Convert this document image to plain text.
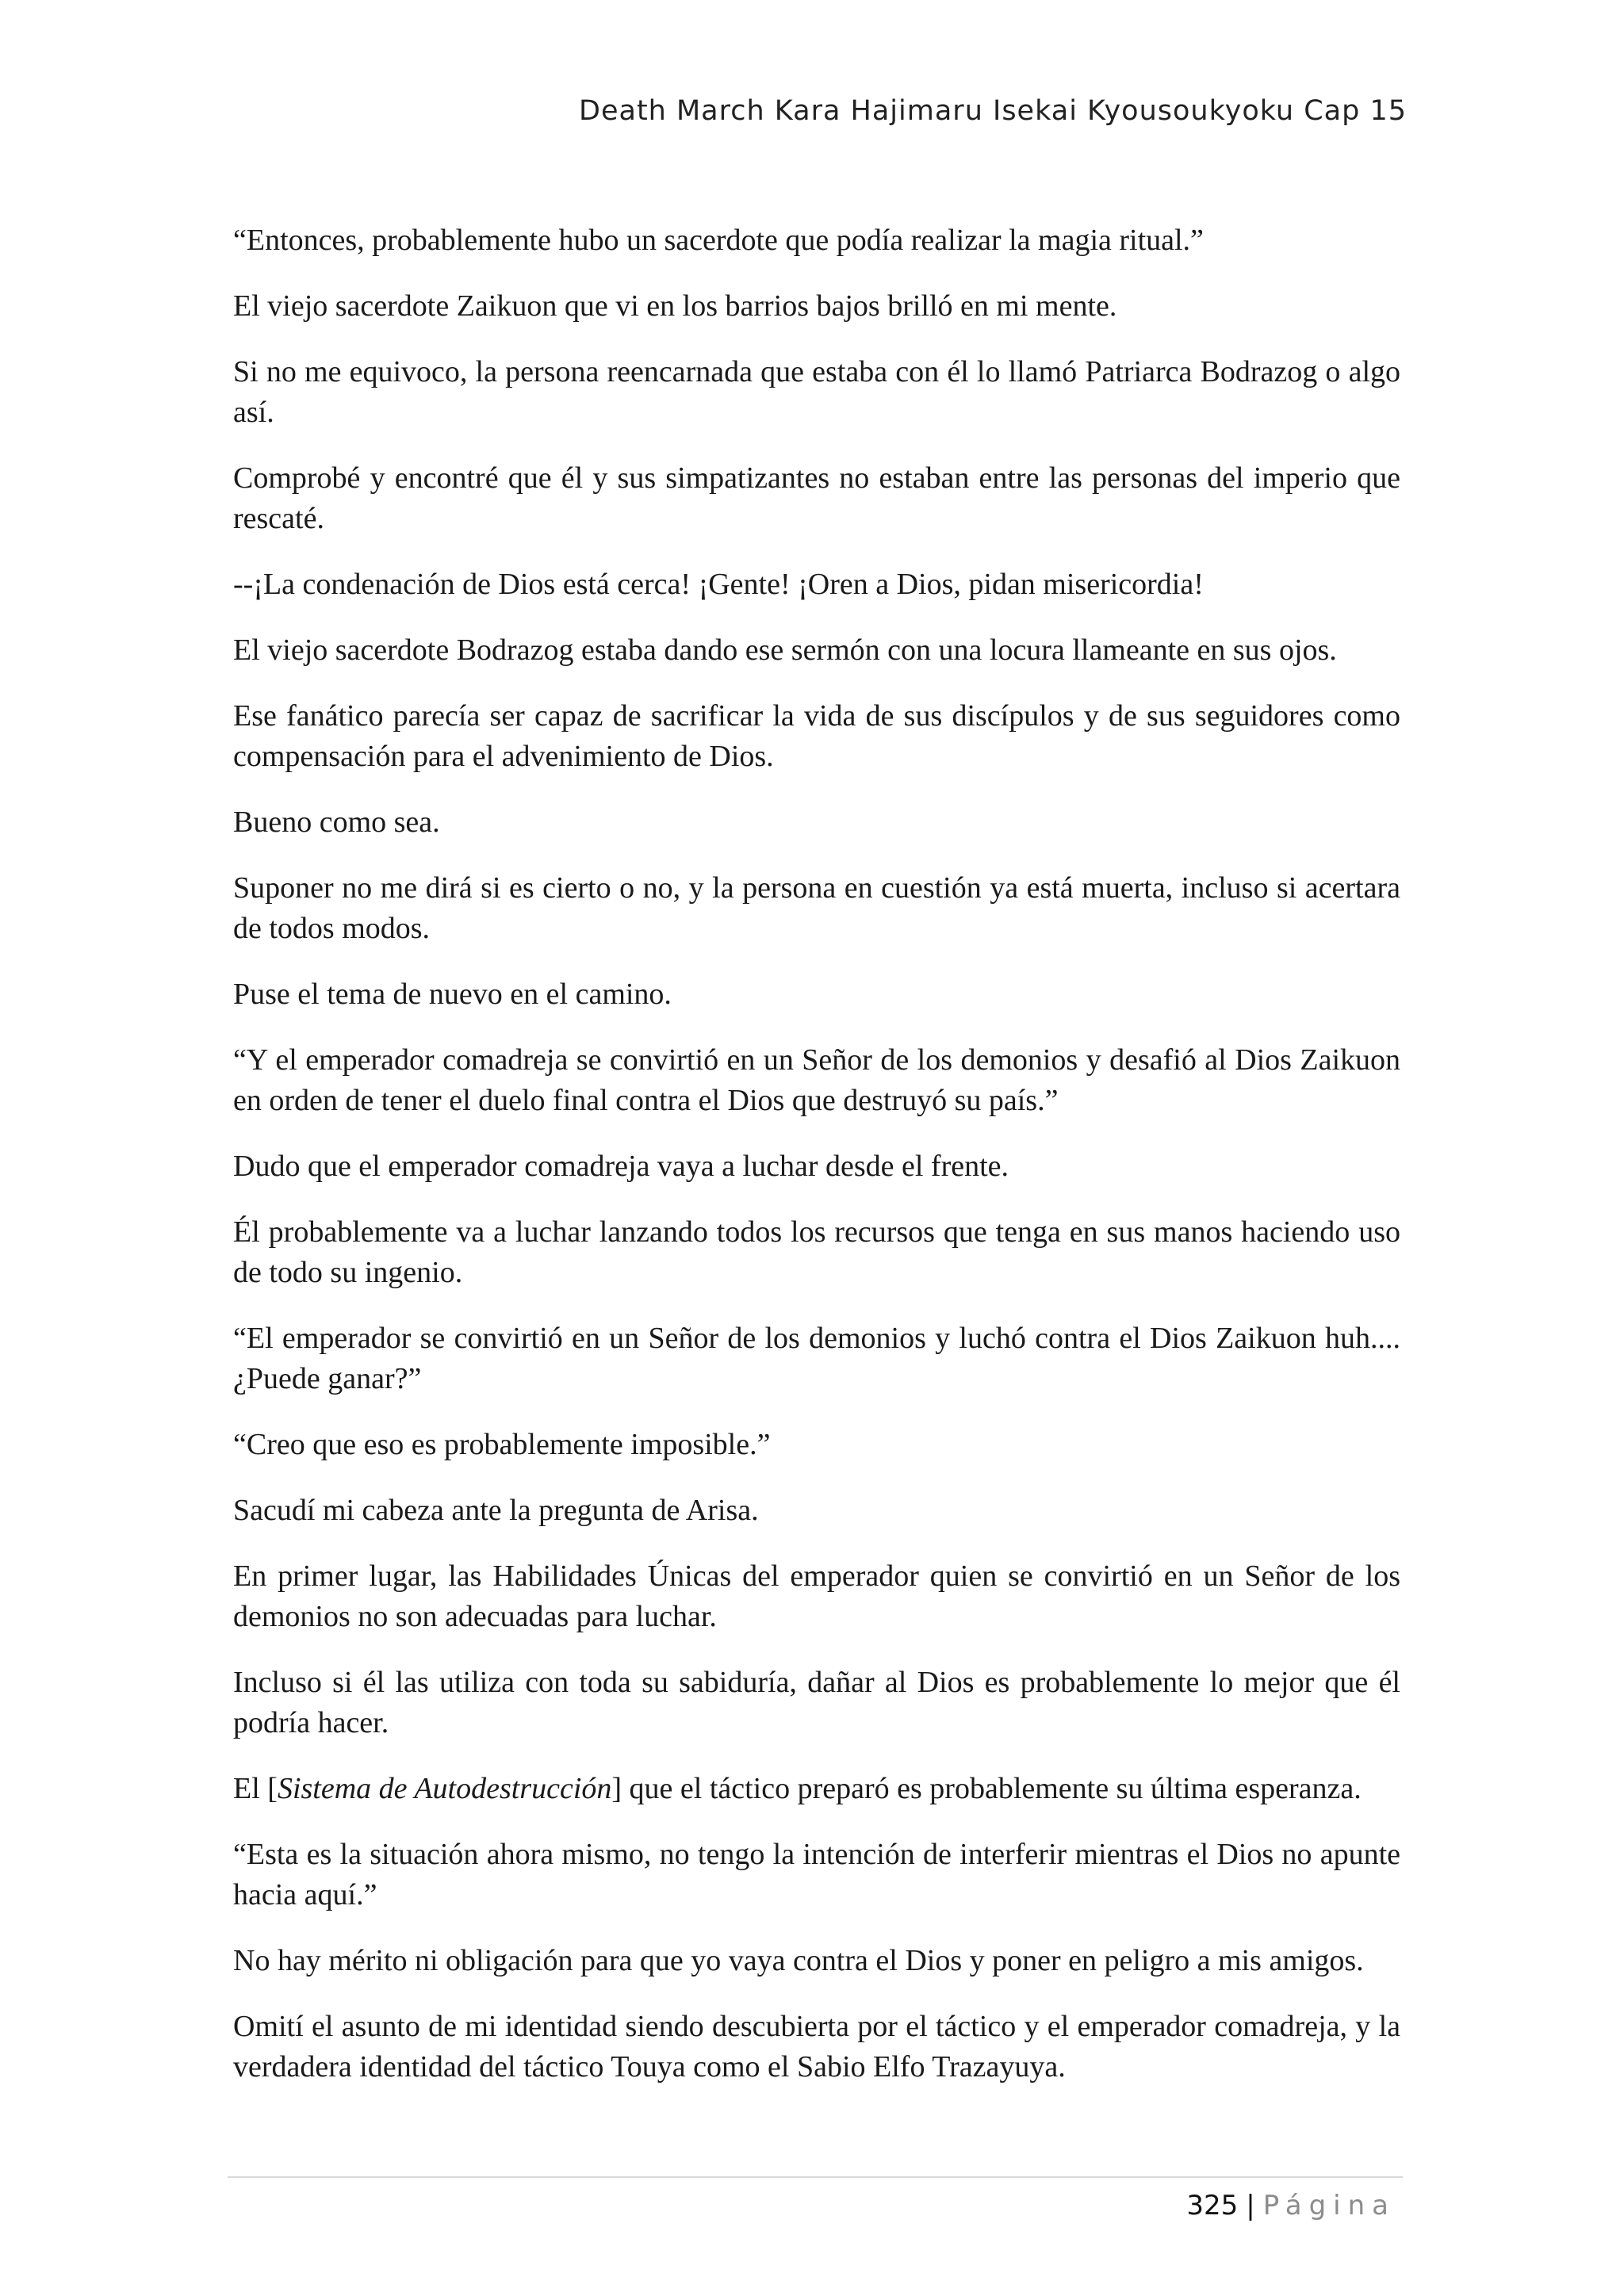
Death March Kara Hajimaru Isekai Kyousoukyoku Cap 15

“Entonces, probablemente hubo un sacerdote que podía realizar la magia ritual.”

El viejo sacerdote Zaikuon que vi en los barrios bajos brilló en mi mente.

Si no me equivoco, la persona reencarnada que estaba con él lo llamó Patriarca Bodrazog o algo así.

Comprobé y encontré que él y sus simpatizantes no estaban entre las personas del imperio que rescaté.

--¡La condenación de Dios está cerca! ¡Gente! ¡Oren a Dios, pidan misericordia!

El viejo sacerdote Bodrazog estaba dando ese sermón con una locura llameante en sus ojos.

Ese fanático parecía ser capaz de sacrificar la vida de sus discípulos y de sus seguidores como compensación para el advenimiento de Dios.

Bueno como sea.

Suponer no me dirá si es cierto o no, y la persona en cuestión ya está muerta, incluso si acertara de todos modos.

Puse el tema de nuevo en el camino.

“Y el emperador comadreja se convirtió en un Señor de los demonios y desafió al Dios Zaikuon en orden de tener el duelo final contra el Dios que destruyó su país.”

Dudo que el emperador comadreja vaya a luchar desde el frente.

Él probablemente va a luchar lanzando todos los recursos que tenga en sus manos haciendo uso de todo su ingenio.

“El emperador se convirtió en un Señor de los demonios y luchó contra el Dios Zaikuon huh.... ¿Puede ganar?”

“Creo que eso es probablemente imposible.”

Sacudí mi cabeza ante la pregunta de Arisa.

En primer lugar, las Habilidades Únicas del emperador quien se convirtió en un Señor de los demonios no son adecuadas para luchar.

Incluso si él las utiliza con toda su sabiduría, dañar al Dios es probablemente lo mejor que él podría hacer.

El [Sistema de Autodestrucción] que el táctico preparó es probablemente su última esperanza.

“Esta es la situación ahora mismo, no tengo la intención de interferir mientras el Dios no apunte hacia aquí.”

No hay mérito ni obligación para que yo vaya contra el Dios y poner en peligro a mis amigos.

Omití el asunto de mi identidad siendo descubierta por el táctico y el emperador comadreja, y la verdadera identidad del táctico Touya como el Sabio Elfo Trazayuya.

325 | Página
